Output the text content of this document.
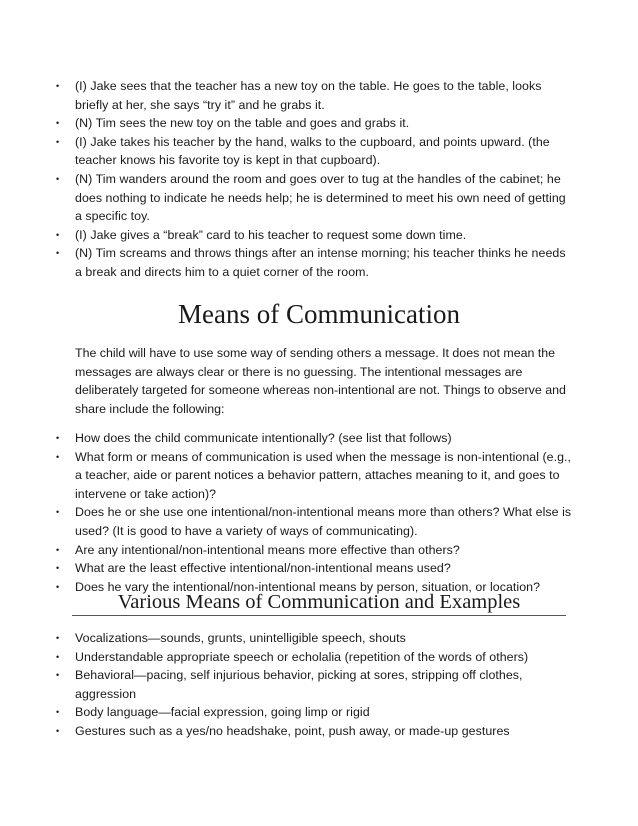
• (I) Jake sees that the teacher has a new toy on the table. He goes to the table, looks briefly at her, she says “try it” and he grabs it.
• (N) Tim sees the new toy on the table and goes and grabs it.
• (I) Jake takes his teacher by the hand, walks to the cupboard, and points upward. (the teacher knows his favorite toy is kept in that cupboard).
• (N) Tim wanders around the room and goes over to tug at the handles of the cabinet; he does nothing to indicate he needs help; he is determined to meet his own need of getting a specific toy.
• (I) Jake gives a “break” card to his teacher to request some down time.
• (N) Tim screams and throws things after an intense morning; his teacher thinks he needs a break and directs him to a quiet corner of the room.
Means of Communication

The child will have to use some way of sending others a message. It does not mean the messages are always clear or there is no guessing. The intentional messages are deliberately targeted for someone whereas non-intentional are not. Things to observe and share include the following:

• How does the child communicate intentionally? (see list that follows)
• What form or means of communication is used when the message is non-intentional (e.g., a teacher, aide or parent notices a behavior pattern, attaches meaning to it, and goes to intervene or take action)?
• Does he or she use one intentional/non-intentional means more than others? What else is used? (It is good to have a variety of ways of communicating).
• Are any intentional/non-intentional means more effective than others?
• What are the least effective intentional/non-intentional means used?
• Does he vary the intentional/non-intentional means by person, situation, or location?
Various Means of Communication and Examples
• Vocalizations—sounds, grunts, unintelligible speech, shouts
• Understandable appropriate speech or echolalia (repetition of the words of others)
• Behavioral—pacing, self injurious behavior, picking at sores, stripping off clothes, aggression
• Body language—facial expression, going limp or rigid
• Gestures such as a yes/no headshake, point, push away, or made-up gestures
